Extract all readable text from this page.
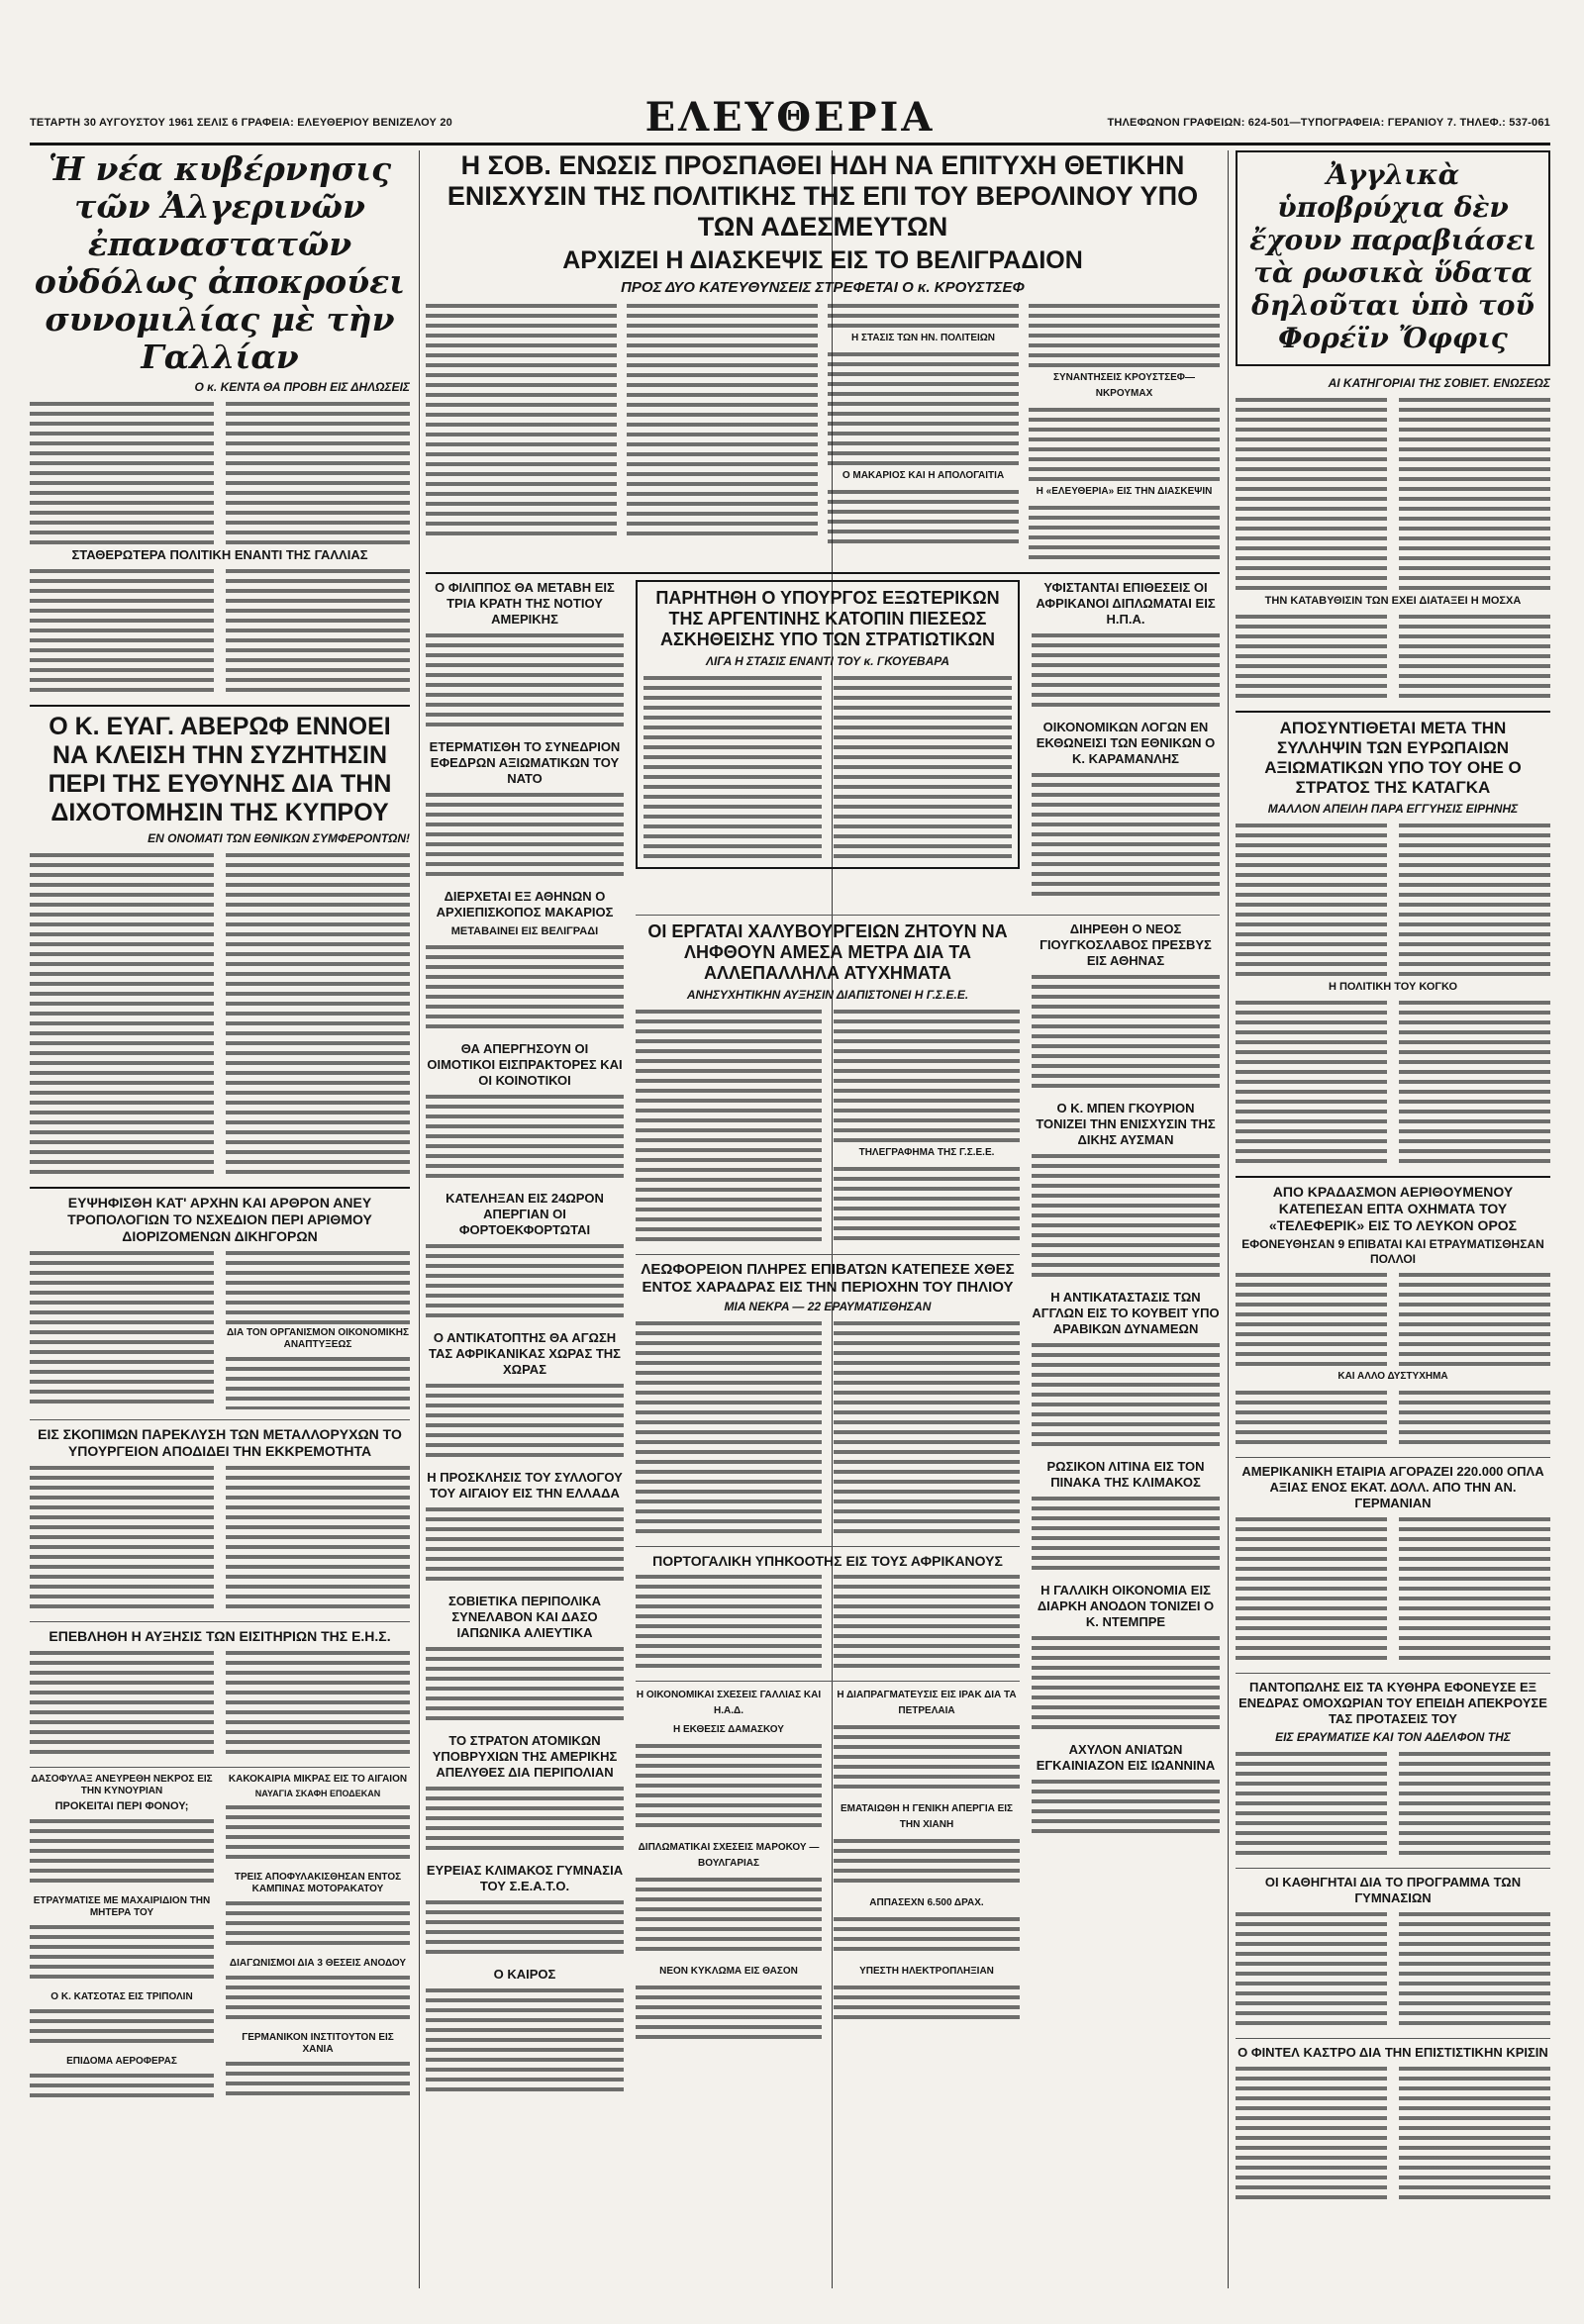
ΤΕΤΑΡΤΗ 30 ΑΥΓΟΥΣΤΟΥ 1961 ΣΕΛΙΣ 6 ΓΡΑΦΕΙΑ: ΕΛΕΥΘΕΡΙΟΥ ΒΕΝΙΖΕΛΟΥ 20	ΕΛΕΥΘΕΡΙΑ	ΤΗΛΕΦΩΝΟΝ ΓΡΑΦΕΙΩΝ: 624-501—ΤΥΠΟΓΡΑΦΕΙΑ: ΓΕΡΑΝΙΟΥ 7. ΤΗΛΕΦ.: 537-061
Ἡ νέα κυβέρνησις τῶν Ἀλγερινῶν ἐπαναστατῶν οὐδόλως ἀποκρούει συνομιλίας μὲ τὴν Γαλλίαν
Ο κ. ΚΕΝΤΑ ΘΑ ΠΡΟΒΗ ΕΙΣ ΔΗΛΩΣΕΙΣ
ΣΤΑΘΕΡΩΤΕΡΑ ΠΟΛΙΤΙΚΗ ΕΝΑΝΤΙ ΤΗΣ ΓΑΛΛΙΑΣ
Ο Κ. ΕΥΑΓ. ΑΒΕΡΩΦ ΕΝΝΟΕΙ ΝΑ ΚΛΕΙΣΗ ΤΗΝ ΣΥΖΗΤΗΣΙΝ ΠΕΡΙ ΤΗΣ ΕΥΘΥΝΗΣ ΔΙΑ ΤΗΝ ΔΙΧΟΤΟΜΗΣΙΝ ΤΗΣ ΚΥΠΡΟΥ
ΕΝ ΟΝΟΜΑΤΙ ΤΩΝ ΕΘΝΙΚΩΝ ΣΥΜΦΕΡΟΝΤΩΝ!
ΕΥΨΗΦΙΣΘΗ ΚΑΤ' ΑΡΧΗΝ ΚΑΙ ΑΡΘΡΟΝ ΑΝΕΥ ΤΡΟΠΟΛΟΓΙΩΝ ΤΟ ΝΣΧΕΔΙΟΝ ΠΕΡΙ ΑΡΙΘΜΟΥ ΔΙΟΡΙΖΟΜΕΝΩΝ ΔΙΚΗΓΟΡΩΝ
ΔΙΑ ΤΟΝ ΟΡΓΑΝΙΣΜΟΝ ΟΙΚΟΝΟΜΙΚΗΣ ΑΝΑΠΤΥΞΕΩΣ
ΕΙΣ ΣΚΟΠΙΜΩΝ ΠΑΡΕΚΛΥΣΗ ΤΩΝ ΜΕΤΑΛΛΟΡΥΧΩΝ ΤΟ ΥΠΟΥΡΓΕΙΟΝ ΑΠΟΔΙΔΕΙ ΤΗΝ ΕΚΚΡΕΜΟΤΗΤΑ
ΕΠΕΒΛΗΘΗ Η ΑΥΞΗΣΙΣ ΤΩΝ ΕΙΣΙΤΗΡΙΩΝ ΤΗΣ Ε.Η.Σ.
ΔΑΣΟΦΥΛΑΞ ΑΝΕΥΡΕΘΗ ΝΕΚΡΟΣ ΕΙΣ ΤΗΝ ΚΥΝΟΥΡΙΑΝ
ΠΡΟΚΕΙΤΑΙ ΠΕΡΙ ΦΟΝΟΥ;
ΕΤΡΑΥΜΑΤΙΣΕ ΜΕ ΜΑΧΑΙΡΙΔΙΟΝ ΤΗΝ ΜΗΤΕΡΑ ΤΟΥ
Ο Κ. ΚΑΤΣΟΤΑΣ ΕΙΣ ΤΡΙΠΟΛΙΝ
ΕΠΙΔΟΜΑ ΑΕΡΟΦΕΡΑΣ
ΚΑΚΟΚΑΙΡΙΑ ΜΙΚΡΑΣ ΕΙΣ ΤΟ ΑΙΓΑΙΟΝ
ΝΑΥΑΓΙΑ ΣΚΑΦΗ ΕΠΟΔΕΚΑΝ
ΤΡΕΙΣ ΑΠΟΦΥΛΑΚΙΣΘΗΣΑΝ ΕΝΤΟΣ ΚΑΜΠΙΝΑΣ ΜΟΤΟΡΑΚΑΤΟΥ
ΔΙΑΓΩΝΙΣΜΟΙ ΔΙΑ 3 ΘΕΣΕΙΣ ΑΝΟΔΟΥ
ΓΕΡΜΑΝΙΚΟΝ ΙΝΣΤΙΤΟΥΤΟΝ ΕΙΣ ΧΑΝΙΑ
Η ΣΟΒ. ΕΝΩΣΙΣ ΠΡΟΣΠΑΘΕΙ ΗΔΗ ΝΑ ΕΠΙΤΥΧΗ ΘΕΤΙΚΗΝ ΕΝΙΣΧΥΣΙΝ ΤΗΣ ΠΟΛΙΤΙΚΗΣ ΤΗΣ ΕΠΙ ΤΟΥ ΒΕΡΟΛΙΝΟΥ ΥΠΟ ΤΩΝ ΑΔΕΣΜΕΥΤΩΝ
ΑΡΧΙΖΕΙ Η ΔΙΑΣΚΕΨΙΣ ΕΙΣ ΤΟ ΒΕΛΙΓΡΑΔΙΟΝ
ΠΡΟΣ ΔΥΟ ΚΑΤΕΥΘΥΝΣΕΙΣ ΣΤΡΕΦΕΤΑΙ Ο κ. ΚΡΟΥΣΤΣΕΦ
Η ΣΤΑΣΙΣ ΤΩΝ ΗΝ. ΠΟΛΙΤΕΙΩΝ
Ο ΜΑΚΑΡΙΟΣ ΚΑΙ Η ΑΠΟΛΟΓΑΙΤΙΑ
ΣΥΝΑΝΤΗΣΕΙΣ ΚΡΟΥΣΤΣΕΦ—ΝΚΡΟΥΜΑΧ
Η «ΕΛΕΥΘΕΡΙΑ» ΕΙΣ ΤΗΝ ΔΙΑΣΚΕΨΙΝ
Ο ΦΙΛΙΠΠΟΣ ΘΑ ΜΕΤΑΒΗ ΕΙΣ ΤΡΙΑ ΚΡΑΤΗ ΤΗΣ ΝΟΤΙΟΥ ΑΜΕΡΙΚΗΣ
ΕΤΕΡΜΑΤΙΣΘΗ ΤΟ ΣΥΝΕΔΡΙΟΝ ΕΦΕΔΡΩΝ ΑΞΙΩΜΑΤΙΚΩΝ ΤΟΥ ΝΑΤΟ
ΔΙΕΡΧΕΤΑΙ ΕΞ ΑΘΗΝΩΝ Ο ΑΡΧΙΕΠΙΣΚΟΠΟΣ ΜΑΚΑΡΙΟΣ
ΜΕΤΑΒΑΙΝΕΙ ΕΙΣ ΒΕΛΙΓΡΑΔΙ
ΘΑ ΑΠΕΡΓΗΣΟΥΝ ΟΙ ΟΙΜΟΤΙΚΟΙ ΕΙΣΠΡΑΚΤΟΡΕΣ ΚΑΙ ΟΙ ΚΟΙΝΟΤΙΚΟΙ
ΚΑΤΕΛΗΞΑΝ ΕΙΣ 24ΩΡΟΝ ΑΠΕΡΓΙΑΝ ΟΙ ΦΟΡΤΟΕΚΦΟΡΤΩΤΑΙ
Ο ΑΝΤΙΚΑΤΟΠΤΗΣ ΘΑ ΑΓΩΣΗ ΤΑΣ ΑΦΡΙΚΑΝΙΚΑΣ ΧΩΡΑΣ ΤΗΣ ΧΩΡΑΣ
Η ΠΡΟΣΚΛΗΣΙΣ ΤΟΥ ΣΥΛΛΟΓΟΥ ΤΟΥ ΑΙΓΑΙΟΥ ΕΙΣ ΤΗΝ ΕΛΛΑΔΑ
ΣΟΒΙΕΤΙΚΑ ΠΕΡΙΠΟΛΙΚΑ ΣΥΝΕΛΑΒΟΝ ΚΑΙ ΔΑΣΟ ΙΑΠΩΝΙΚΑ ΑΛΙΕΥΤΙΚΑ
ΤΟ ΣΤΡΑΤΟΝ ΑΤΟΜΙΚΩΝ ΥΠΟΒΡΥΧΙΩΝ ΤΗΣ ΑΜΕΡΙΚΗΣ ΑΠΕΛΥΘΕΣ ΔΙΑ ΠΕΡΙΠΟΛΙΑΝ
ΕΥΡΕΙΑΣ ΚΛΙΜΑΚΟΣ ΓΥΜΝΑΣΙΑ ΤΟΥ Σ.Ε.Α.Τ.Ο.
Ο ΚΑΙΡΟΣ
ΠΑΡΗΤΗΘΗ Ο ΥΠΟΥΡΓΟΣ ΕΞΩΤΕΡΙΚΩΝ ΤΗΣ ΑΡΓΕΝΤΙΝΗΣ ΚΑΤΟΠΙΝ ΠΙΕΣΕΩΣ ΑΣΚΗΘΕΙΣΗΣ ΥΠΟ ΤΩΝ ΣΤΡΑΤΙΩΤΙΚΩΝ
ΛΙΓΑ Η ΣΤΑΣΙΣ ΕΝΑΝΤΙ ΤΟΥ κ. ΓΚΟΥΕΒΑΡΑ
ΥΦΙΣΤΑΝΤΑΙ ΕΠΙΘΕΣΕΙΣ ΟΙ ΑΦΡΙΚΑΝΟΙ ΔΙΠΛΩΜΑΤΑΙ ΕΙΣ Η.Π.Α.
ΟΙΚΟΝΟΜΙΚΩΝ ΛΟΓΩΝ ΕΝ ΕΚΘΩΝΕΙΣΙ ΤΩΝ ΕΘΝΙΚΩΝ Ο Κ. ΚΑΡΑΜΑΝΛΗΣ
ΟΙ ΕΡΓΑΤΑΙ ΧΑΛΥΒΟΥΡΓΕΙΩΝ ΖΗΤΟΥΝ ΝΑ ΛΗΦΘΟΥΝ ΑΜΕΣΑ ΜΕΤΡΑ ΔΙΑ ΤΑ ΑΛΛΕΠΑΛΛΗΛΑ ΑΤΥΧΗΜΑΤΑ
ΑΝΗΣΥΧΗΤΙΚΗΝ ΑΥΞΗΣΙΝ ΔΙΑΠΙΣΤΟΝΕΙ Η Γ.Σ.Ε.Ε.
ΤΗΛΕΓΡΑΦΗΜΑ ΤΗΣ Γ.Σ.Ε.Ε.
ΛΕΩΦΟΡΕΙΟΝ ΠΛΗΡΕΣ ΕΠΙΒΑΤΩΝ ΚΑΤΕΠΕΣΕ ΧΘΕΣ ΕΝΤΟΣ ΧΑΡΑΔΡΑΣ ΕΙΣ ΤΗΝ ΠΕΡΙΟΧΗΝ ΤΟΥ ΠΗΛΙΟΥ
ΜΙΑ ΝΕΚΡΑ — 22 ΕΡΑΥΜΑΤΙΣΘΗΣΑΝ
ΠΟΡΤΟΓΑΛΙΚΗ ΥΠΗΚΟΟΤΗΣ ΕΙΣ ΤΟΥΣ ΑΦΡΙΚΑΝΟΥΣ
Η ΟΙΚΟΝΟΜΙΚΑΙ ΣΧΕΣΕΙΣ ΓΑΛΛΙΑΣ ΚΑΙ Η.Α.Δ.
Η ΕΚΘΕΣΙΣ ΔΑΜΑΣΚΟΥ
ΔΙΠΛΩΜΑΤΙΚΑΙ ΣΧΕΣΕΙΣ ΜΑΡΟΚΟΥ — ΒΟΥΛΓΑΡΙΑΣ
ΝΕΟΝ ΚΥΚΛΩΜΑ ΕΙΣ ΘΑΣΟΝ
Η ΔΙΑΠΡΑΓΜΑΤΕΥΣΙΣ ΕΙΣ ΙΡΑΚ ΔΙΑ ΤΑ ΠΕΤΡΕΛΑΙΑ
ΕΜΑΤΑΙΩΘΗ Η ΓΕΝΙΚΗ ΑΠΕΡΓΙΑ ΕΙΣ ΤΗΝ ΧΙΑΝΗ
ΑΠΠΑΣΕΧΝ 6.500 ΔΡΑΧ.
ΥΠΕΣΤΗ ΗΛΕΚΤΡΟΠΛΗΞΙΑΝ
ΔΙΗΡΕΘΗ Ο ΝΕΟΣ ΓΙΟΥΓΚΟΣΛΑΒΟΣ ΠΡΕΣΒΥΣ ΕΙΣ ΑΘΗΝΑΣ
Ο Κ. ΜΠΕΝ ΓΚΟΥΡΙΟΝ ΤΟΝΙΖΕΙ ΤΗΝ ΕΝΙΣΧΥΣΙΝ ΤΗΣ ΔΙΚΗΣ ΑΥΣΜΑΝ
Η ΑΝΤΙΚΑΤΑΣΤΑΣΙΣ ΤΩΝ ΑΓΓΛΩΝ ΕΙΣ ΤΟ ΚΟΥΒΕΙΤ ΥΠΟ ΑΡΑΒΙΚΩΝ ΔΥΝΑΜΕΩΝ
ΡΩΣΙΚΟΝ ΛΙΤΙΝΑ ΕΙΣ ΤΟΝ ΠΙΝΑΚΑ ΤΗΣ ΚΛΙΜΑΚΟΣ
Η ΓΑΛΛΙΚΗ ΟΙΚΟΝΟΜΙΑ ΕΙΣ ΔΙΑΡΚΗ ΑΝΟΔΟΝ ΤΟΝΙΖΕΙ Ο Κ. ΝΤΕΜΠΡΕ
ΑΧΥΛΟΝ ΑΝΙΑΤΩΝ ΕΓΚΑΙΝΙΑΖΟΝ ΕΙΣ ΙΩΑΝΝΙΝΑ
Ἀγγλικὰ ὑποβρύχια δὲν ἔχουν παραβιάσει τὰ ρωσικὰ ὕδατα δηλοῦται ὑπὸ τοῦ Φορέϊν Ὄφφις
ΑΙ ΚΑΤΗΓΟΡΙΑΙ ΤΗΣ ΣΟΒΙΕΤ. ΕΝΩΣΕΩΣ
ΤΗΝ ΚΑΤΑΒΥΘΙΣΙΝ ΤΩΝ ΕΧΕΙ ΔΙΑΤΑΞΕΙ Η ΜΟΣΧΑ
ΑΠΟΣΥΝΤΙΘΕΤΑΙ ΜΕΤΑ ΤΗΝ ΣΥΛΛΗΨΙΝ ΤΩΝ ΕΥΡΩΠΑΙΩΝ ΑΞΙΩΜΑΤΙΚΩΝ ΥΠΟ ΤΟΥ ΟΗΕ Ο ΣΤΡΑΤΟΣ ΤΗΣ ΚΑΤΑΓΚΑ
ΜΑΛΛΟΝ ΑΠΕΙΛΗ ΠΑΡΑ ΕΓΓΥΗΣΙΣ ΕΙΡΗΝΗΣ
Η ΠΟΛΙΤΙΚΗ ΤΟΥ ΚΟΓΚΟ
ΑΠΟ ΚΡΑΔΑΣΜΟΝ ΑΕΡΙΘΟΥΜΕΝΟΥ ΚΑΤΕΠΕΣΑΝ ΕΠΤΑ ΟΧΗΜΑΤΑ ΤΟΥ «ΤΕΛΕΦΕΡΙΚ» ΕΙΣ ΤΟ ΛΕΥΚΟΝ ΟΡΟΣ
ΕΦΟΝΕΥΘΗΣΑΝ 9 ΕΠΙΒΑΤΑΙ ΚΑΙ ΕΤΡΑΥΜΑΤΙΣΘΗΣΑΝ ΠΟΛΛΟΙ
ΚΑΙ ΑΛΛΟ ΔΥΣΤΥΧΗΜΑ
ΑΜΕΡΙΚΑΝΙΚΗ ΕΤΑΙΡΙΑ ΑΓΟΡΑΖΕΙ 220.000 ΟΠΛΑ ΑΞΙΑΣ ΕΝΟΣ ΕΚΑΤ. ΔΟΛΛ. ΑΠΟ ΤΗΝ ΑΝ. ΓΕΡΜΑΝΙΑΝ
ΠΑΝΤΟΠΩΛΗΣ ΕΙΣ ΤΑ ΚΥΘΗΡΑ ΕΦΟΝΕΥΣΕ ΕΞ ΕΝΕΔΡΑΣ ΟΜΟΧΩΡΙΑΝ ΤΟΥ ΕΠΕΙΔΗ ΑΠΕΚΡΟΥΣΕ ΤΑΣ ΠΡΟΤΑΣΕΙΣ ΤΟΥ
ΕΙΣ ΕΡΑΥΜΑΤΙΣΕ ΚΑΙ ΤΟΝ ΑΔΕΛΦΟΝ ΤΗΣ
ΟΙ ΚΑΘΗΓΗΤΑΙ ΔΙΑ ΤΟ ΠΡΟΓΡΑΜΜΑ ΤΩΝ ΓΥΜΝΑΣΙΩΝ
Ο ΦΙΝΤΕΛ ΚΑΣΤΡΟ ΔΙΑ ΤΗΝ ΕΠΙΣΤΙΣΤΙΚΗΝ ΚΡΙΣΙΝ
